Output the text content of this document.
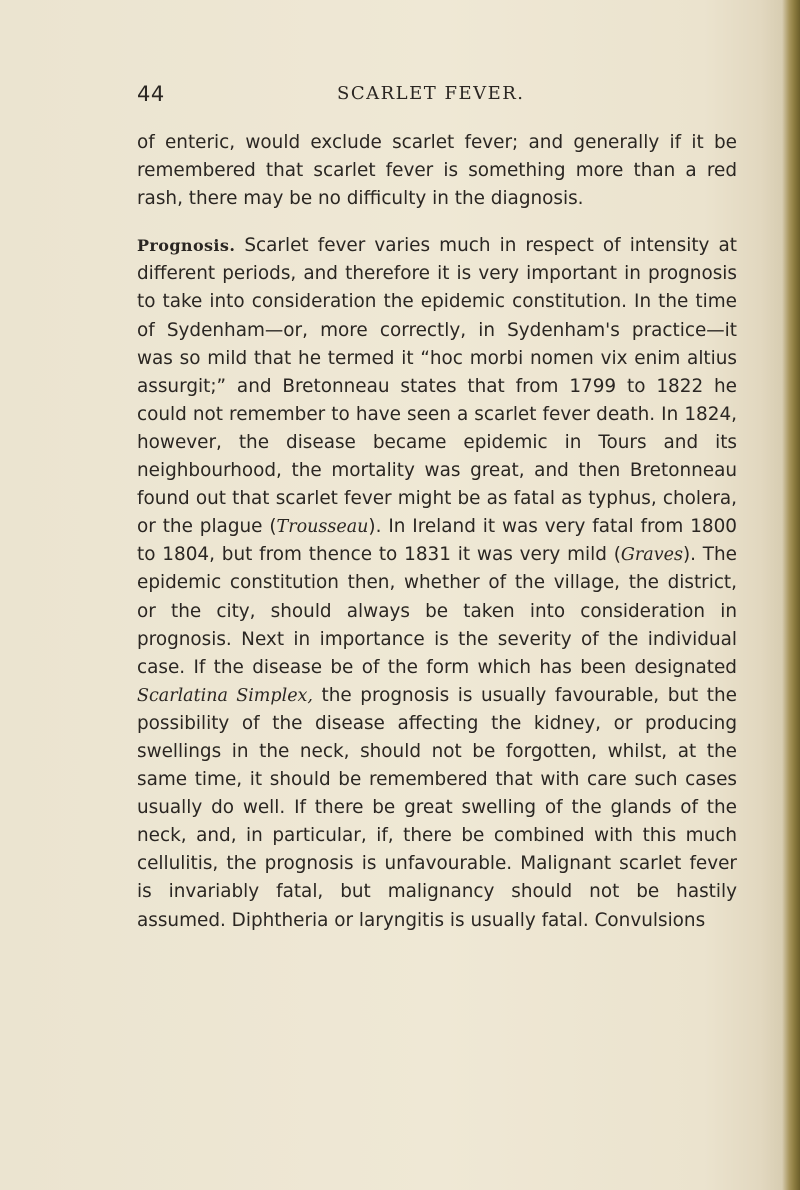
44	SCARLET FEVER.

of enteric, would exclude scarlet fever; and generally if it be remembered that scarlet fever is something more than a red rash, there may be no difficulty in the diagnosis.

Prognosis. Scarlet fever varies much in respect of intensity at different periods, and therefore it is very important in prognosis to take into consideration the epidemic constitution. In the time of Sydenham—or, more correctly, in Sydenham's practice—it was so mild that he termed it “hoc morbi nomen vix enim altius assurgit;” and Bretonneau states that from 1799 to 1822 he could not remember to have seen a scarlet fever death. In 1824, however, the disease became epidemic in Tours and its neighbourhood, the mortality was great, and then Bretonneau found out that scarlet fever might be as fatal as typhus, cholera, or the plague (Trousseau). In Ireland it was very fatal from 1800 to 1804, but from thence to 1831 it was very mild (Graves). The epidemic constitution then, whether of the village, the district, or the city, should always be taken into consideration in prognosis. Next in importance is the severity of the individual case. If the disease be of the form which has been designated Scarlatina Simplex, the prognosis is usually favourable, but the possibility of the disease affecting the kidney, or producing swellings in the neck, should not be forgotten, whilst, at the same time, it should be remembered that with care such cases usually do well. If there be great swelling of the glands of the neck, and, in particular, if, there be combined with this much cellulitis, the prognosis is unfavourable. Malignant scarlet fever is invariably fatal, but malignancy should not be hastily assumed. Diphtheria or laryngitis is usually fatal. Convulsions
